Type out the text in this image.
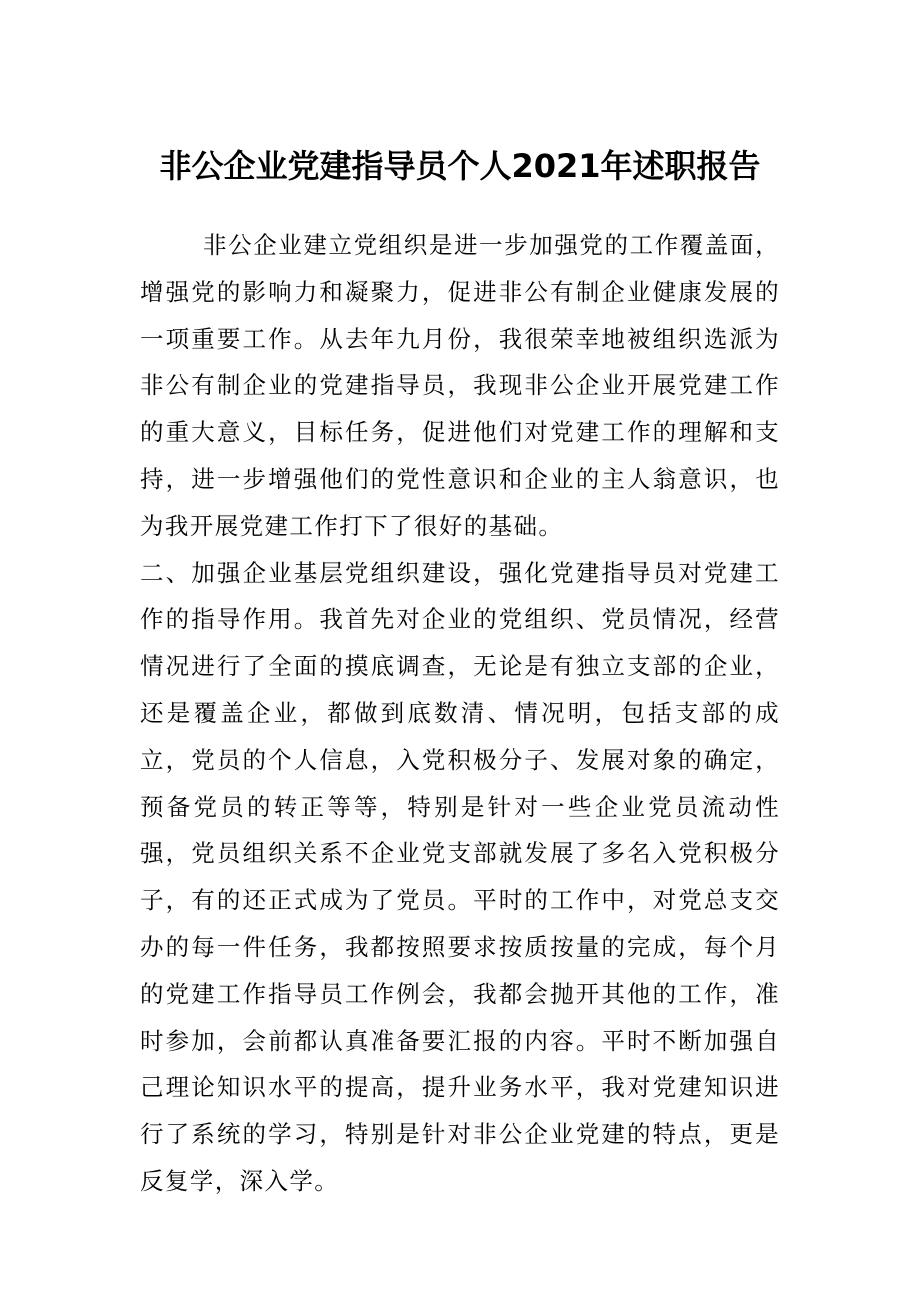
非公企业党建指导员个人2021年述职报告

非公企业建立党组织是进一步加强党的工作覆盖面，增强党的影响力和凝聚力，促进非公有制企业健康发展的一项重要工作。从去年九月份，我很荣幸地被组织选派为非公有制企业的党建指导员，我现非公企业开展党建工作的重大意义，目标任务，促进他们对党建工作的理解和支持，进一步增强他们的党性意识和企业的主人翁意识，也为我开展党建工作打下了很好的基础。

二、加强企业基层党组织建设，强化党建指导员对党建工作的指导作用。我首先对企业的党组织、党员情况，经营情况进行了全面的摸底调查，无论是有独立支部的企业，还是覆盖企业，都做到底数清、情况明，包括支部的成立，党员的个人信息，入党积极分子、发展对象的确定，预备党员的转正等等，特别是针对一些企业党员流动性强，党员组织关系不企业党支部就发展了多名入党积极分子，有的还正式成为了党员。平时的工作中，对党总支交办的每一件任务，我都按照要求按质按量的完成，每个月的党建工作指导员工作例会，我都会抛开其他的工作，准时参加，会前都认真准备要汇报的内容。平时不断加强自己理论知识水平的提高，提升业务水平，我对党建知识进行了系统的学习，特别是针对非公企业党建的特点，更是反复学，深入学。
